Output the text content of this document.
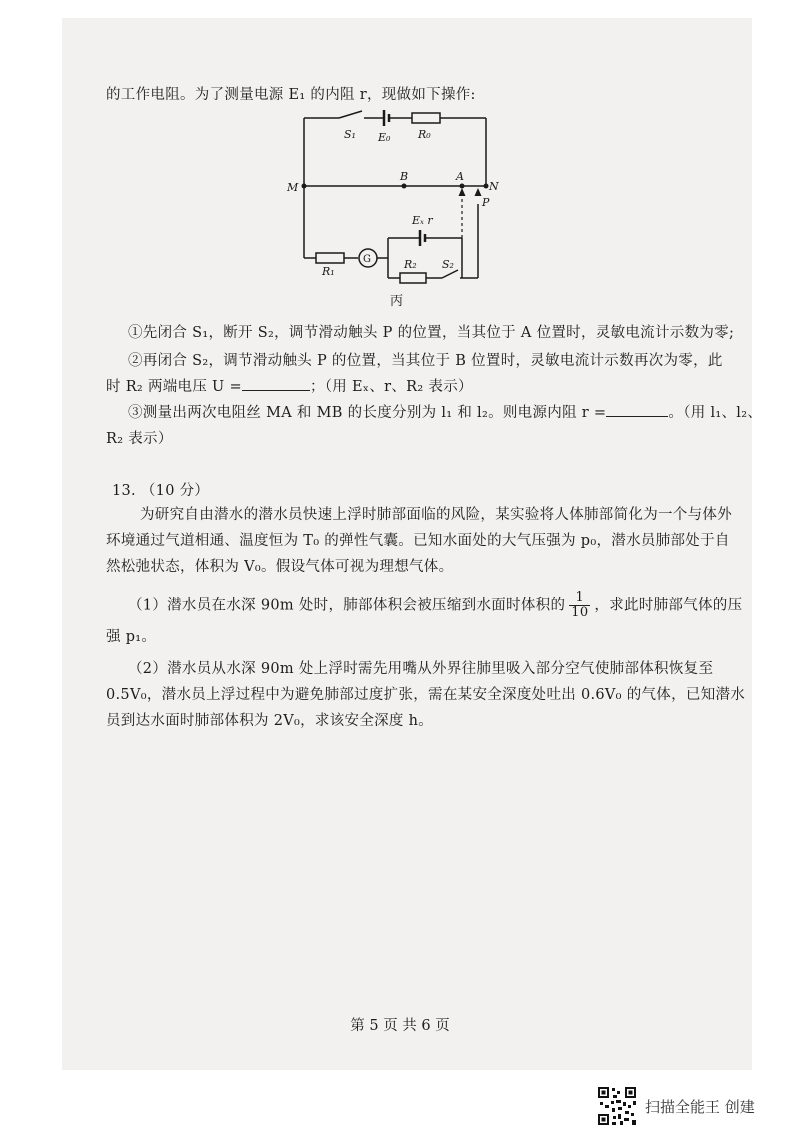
的工作电阻。为了测量电源 E₁ 的内阻 r，现做如下操作:
S₁ E₀	R₀
M
B	A
N
P
Eₓ r
R₁
G	R₂ S₂
丙
①先闭合 S₁，断开 S₂，调节滑动触头 P 的位置，当其位于 A 位置时，灵敏电流计示数为零;
②再闭合 S₂，调节滑动触头 P 的位置，当其位于 B 位置时，灵敏电流计示数再次为零，此
时 R₂ 两端电压 U =	；（用 Eₓ、r、R₂ 表示）
③测量出两次电阻丝 MA 和 MB 的长度分别为 l₁ 和 l₂。则电源内阻 r =	。（用 l₁、l₂、
R₂ 表示）
13. （10 分）
为研究自由潜水的潜水员快速上浮时肺部面临的风险，某实验将人体肺部简化为一个与体外
环境通过气道相通、温度恒为 T₀ 的弹性气囊。已知水面处的大气压强为 p₀，潜水员肺部处于自
然松弛状态，体积为 V₀。假设气体可视为理想气体。
（1）潜水员在水深 90m 处时，肺部体积会被压缩到水面时体积的 $\frac{1}{10}$ ，求此时肺部气体的压
强 p₁。
（2）潜水员从水深 90m 处上浮时需先用嘴从外界往肺里吸入部分空气使肺部体积恢复至
0.5V₀，潜水员上浮过程中为避免肺部过度扩张，需在某安全深度处吐出 0.6V₀ 的气体，已知潜水
员到达水面时肺部体积为 2V₀，求该安全深度 h。
第 5 页 共 6 页
扫描全能王 创建
